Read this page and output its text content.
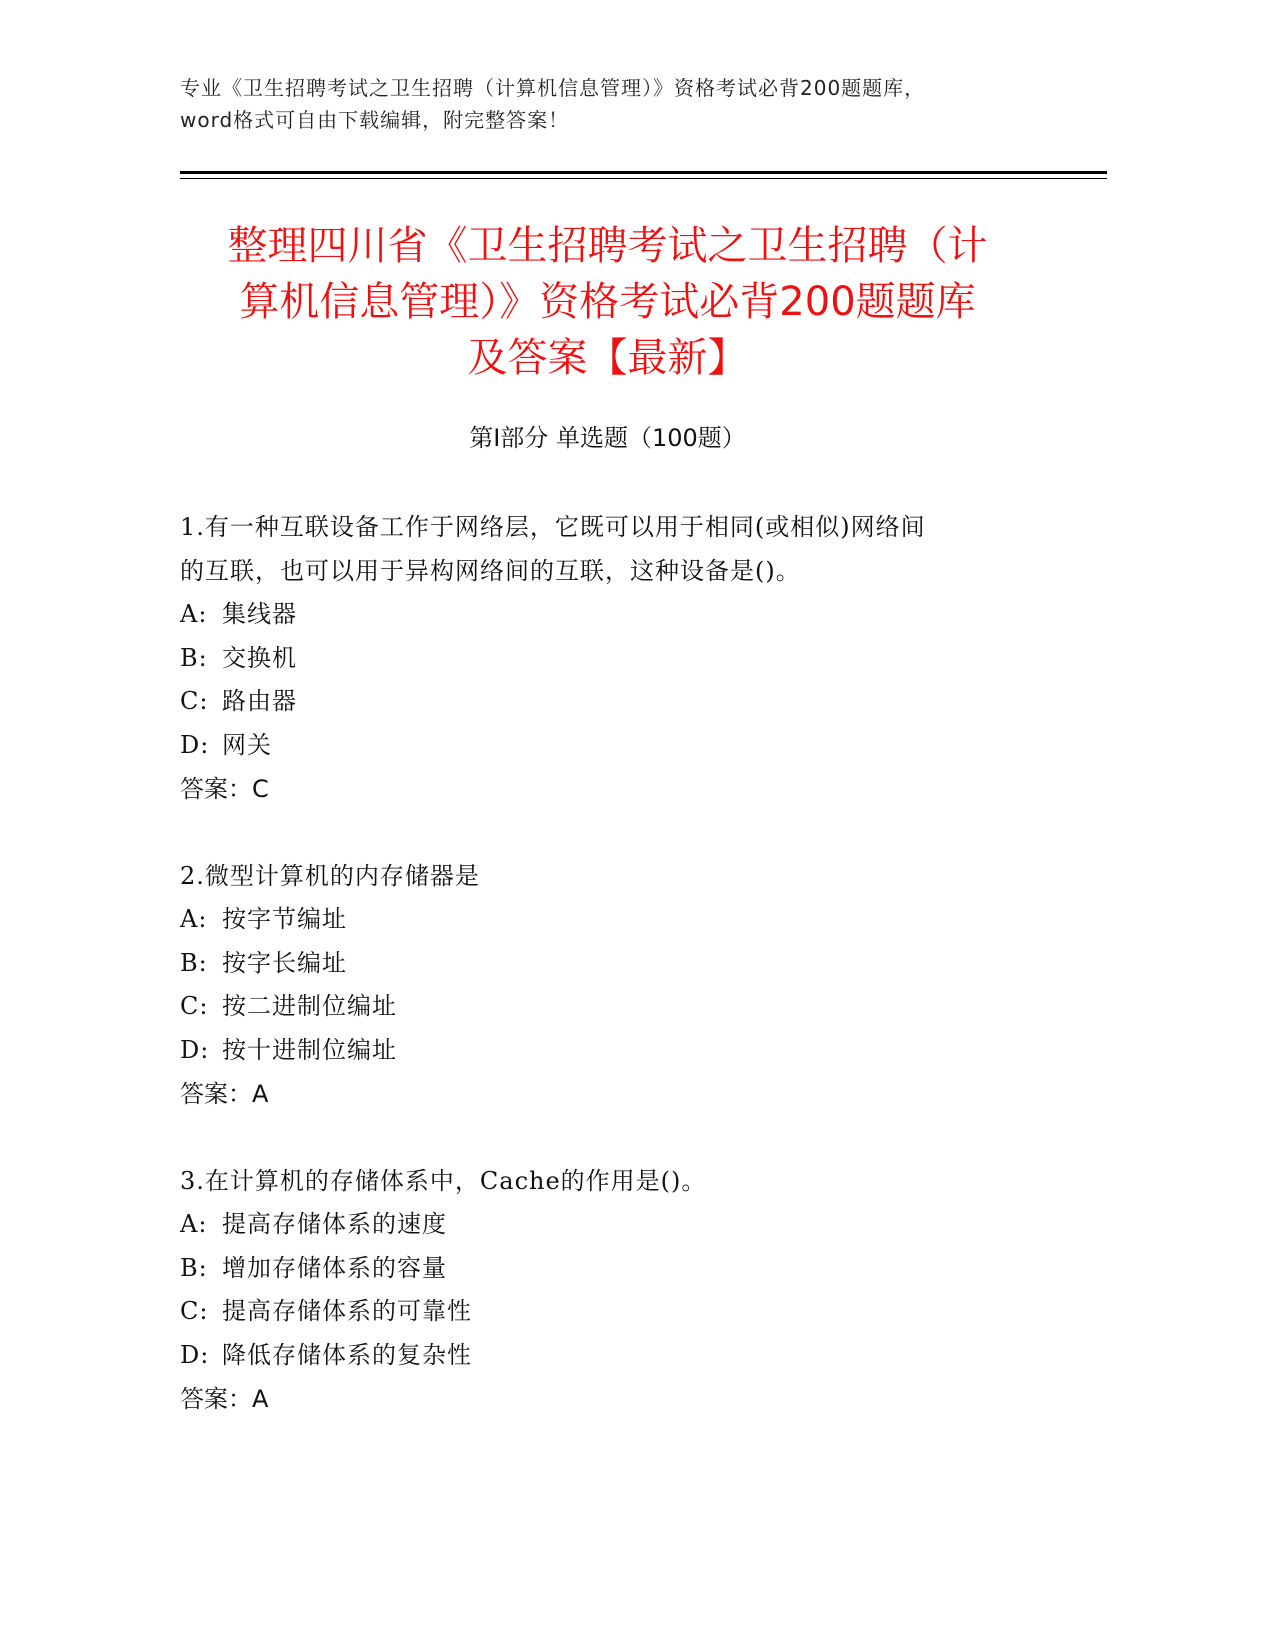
专业《卫生招聘考试之卫生招聘（计算机信息管理）》资格考试必背200题题库，
word格式可自由下载编辑，附完整答案！
整理四川省《卫生招聘考试之卫生招聘（计
算机信息管理）》资格考试必背200题题库
及答案【最新】
第Ⅰ部分 单选题（100题）
1.有一种互联设备工作于网络层，它既可以用于相同(或相似)网络间
的互联，也可以用于异构网络间的互联，这种设备是()。
A: 集线器
B: 交换机
C: 路由器
D: 网关
答案：C
2.微型计算机的内存储器是
A: 按字节编址
B: 按字长编址
C: 按二进制位编址
D: 按十进制位编址
答案：A
3.在计算机的存储体系中，Cache的作用是()。
A: 提高存储体系的速度
B: 增加存储体系的容量
C: 提高存储体系的可靠性
D: 降低存储体系的复杂性
答案：A
